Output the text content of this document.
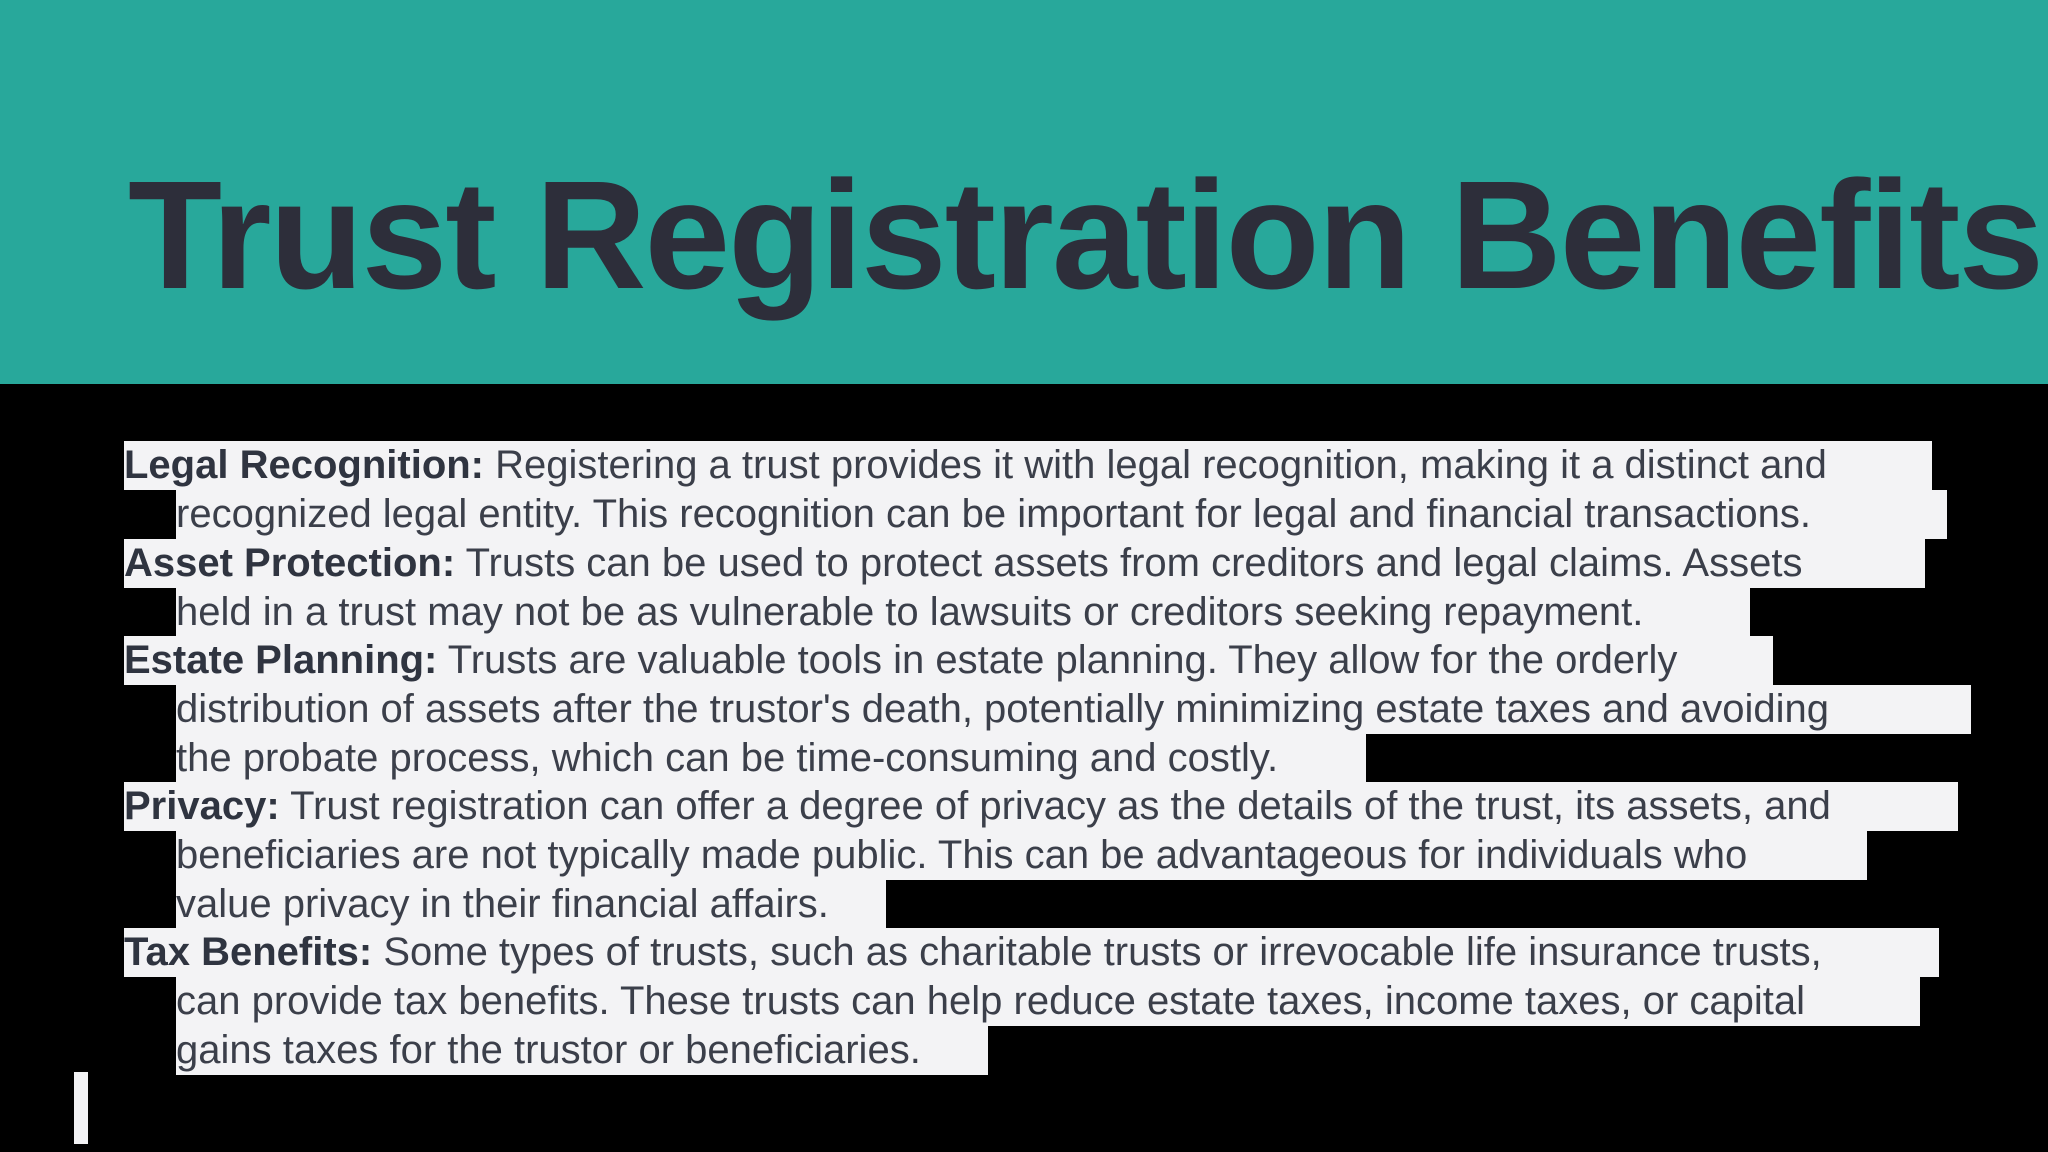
Trust Registration Benefits
Legal Recognition: Registering a trust provides it with legal recognition, making it a distinct and
recognized legal entity. This recognition can be important for legal and financial transactions.
Asset Protection: Trusts can be used to protect assets from creditors and legal claims. Assets
held in a trust may not be as vulnerable to lawsuits or creditors seeking repayment.
Estate Planning: Trusts are valuable tools in estate planning. They allow for the orderly
distribution of assets after the trustor's death, potentially minimizing estate taxes and avoiding
the probate process, which can be time-consuming and costly.
Privacy: Trust registration can offer a degree of privacy as the details of the trust, its assets, and
beneficiaries are not typically made public. This can be advantageous for individuals who
value privacy in their financial affairs.
Tax Benefits: Some types of trusts, such as charitable trusts or irrevocable life insurance trusts,
can provide tax benefits. These trusts can help reduce estate taxes, income taxes, or capital
gains taxes for the trustor or beneficiaries.
